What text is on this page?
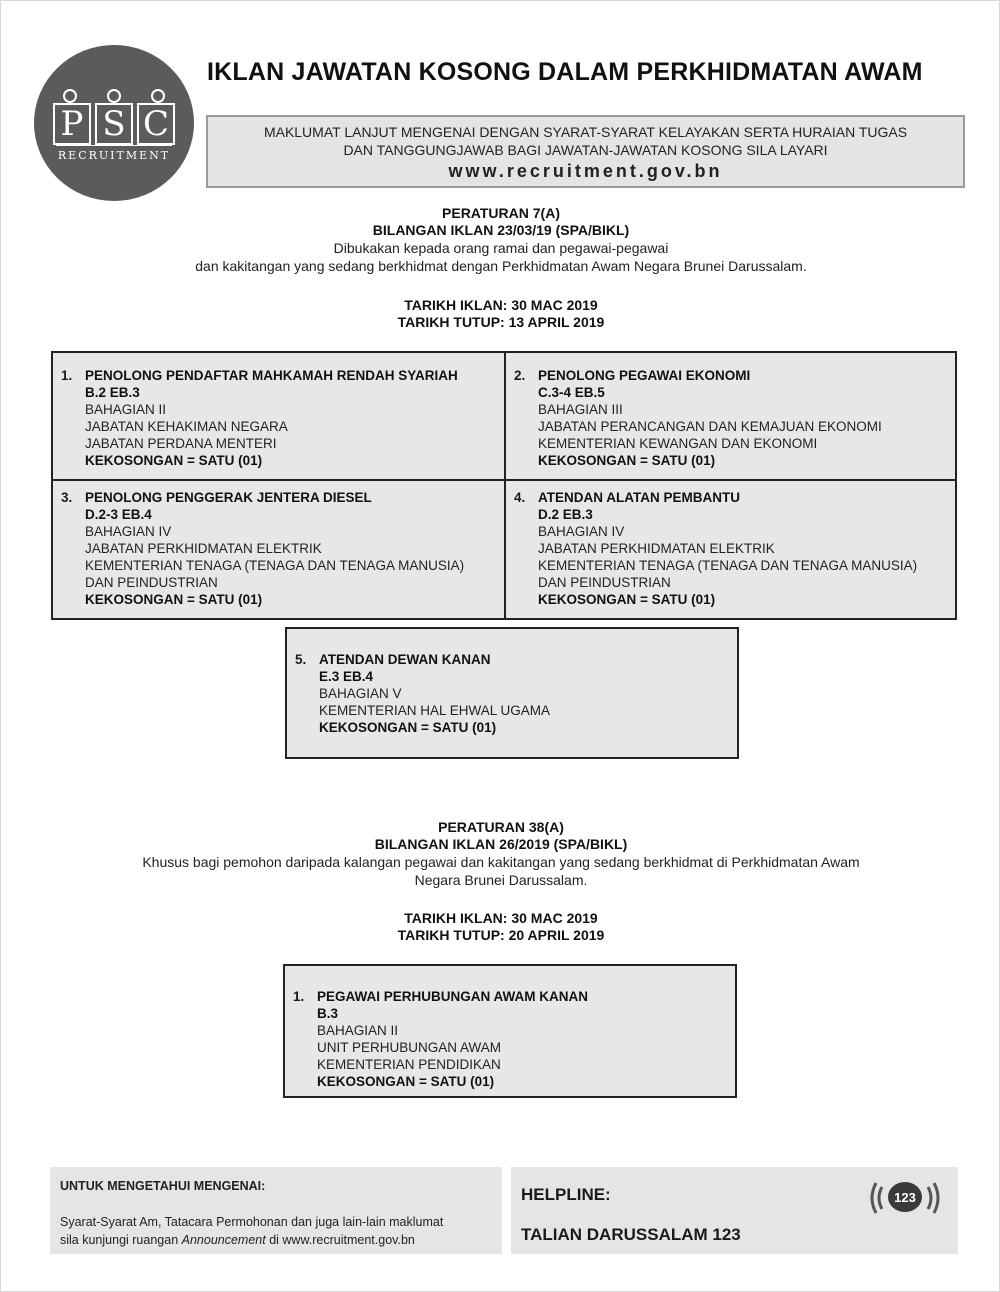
P S C
RECRUITMENT
IKLAN JAWATAN KOSONG DALAM PERKHIDMATAN AWAM
MAKLUMAT LANJUT MENGENAI DENGAN SYARAT-SYARAT KELAYAKAN SERTA HURAIAN TUGAS
DAN TANGGUNGJAWAB BAGI JAWATAN-JAWATAN KOSONG SILA LAYARI
www.recruitment.gov.bn
PERATURAN 7(A)
BILANGAN IKLAN 23/03/19 (SPA/BIKL)
Dibukakan kepada orang ramai dan pegawai-pegawai
dan kakitangan yang sedang berkhidmat dengan Perkhidmatan Awam Negara Brunei Darussalam.
TARIKH IKLAN: 30 MAC 2019
TARIKH TUTUP: 13 APRIL 2019
1. PENOLONG PENDAFTAR MAHKAMAH RENDAH SYARIAH
B.2 EB.3
BAHAGIAN II
JABATAN KEHAKIMAN NEGARA
JABATAN PERDANA MENTERI
KEKOSONGAN = SATU (01)
2. PENOLONG PEGAWAI EKONOMI
C.3-4 EB.5
BAHAGIAN III
JABATAN PERANCANGAN DAN KEMAJUAN EKONOMI
KEMENTERIAN KEWANGAN DAN EKONOMI
KEKOSONGAN = SATU (01)
3. PENOLONG PENGGERAK JENTERA DIESEL
D.2-3 EB.4
BAHAGIAN IV
JABATAN PERKHIDMATAN ELEKTRIK
KEMENTERIAN TENAGA (TENAGA DAN TENAGA MANUSIA) DAN PEINDUSTRIAN
KEKOSONGAN = SATU (01)
4. ATENDAN ALATAN PEMBANTU
D.2 EB.3
BAHAGIAN IV
JABATAN PERKHIDMATAN ELEKTRIK
KEMENTERIAN TENAGA (TENAGA DAN TENAGA MANUSIA) DAN PEINDUSTRIAN
KEKOSONGAN = SATU (01)
5. ATENDAN DEWAN KANAN
E.3 EB.4
BAHAGIAN V
KEMENTERIAN HAL EHWAL UGAMA
KEKOSONGAN = SATU (01)
PERATURAN 38(A)
BILANGAN IKLAN 26/2019 (SPA/BIKL)
Khusus bagi pemohon daripada kalangan pegawai dan kakitangan yang sedang berkhidmat di Perkhidmatan Awam
Negara Brunei Darussalam.
TARIKH IKLAN: 30 MAC 2019
TARIKH TUTUP: 20 APRIL 2019
1. PEGAWAI PERHUBUNGAN AWAM KANAN
B.3
BAHAGIAN II
UNIT PERHUBUNGAN AWAM
KEMENTERIAN PENDIDIKAN
KEKOSONGAN = SATU (01)
UNTUK MENGETAHUI MENGENAI:
Syarat-Syarat Am, Tatacara Permohonan dan juga lain-lain maklumat
sila kunjungi ruangan Announcement di www.recruitment.gov.bn
HELPLINE:
TALIAN DARUSSALAM 123
123
